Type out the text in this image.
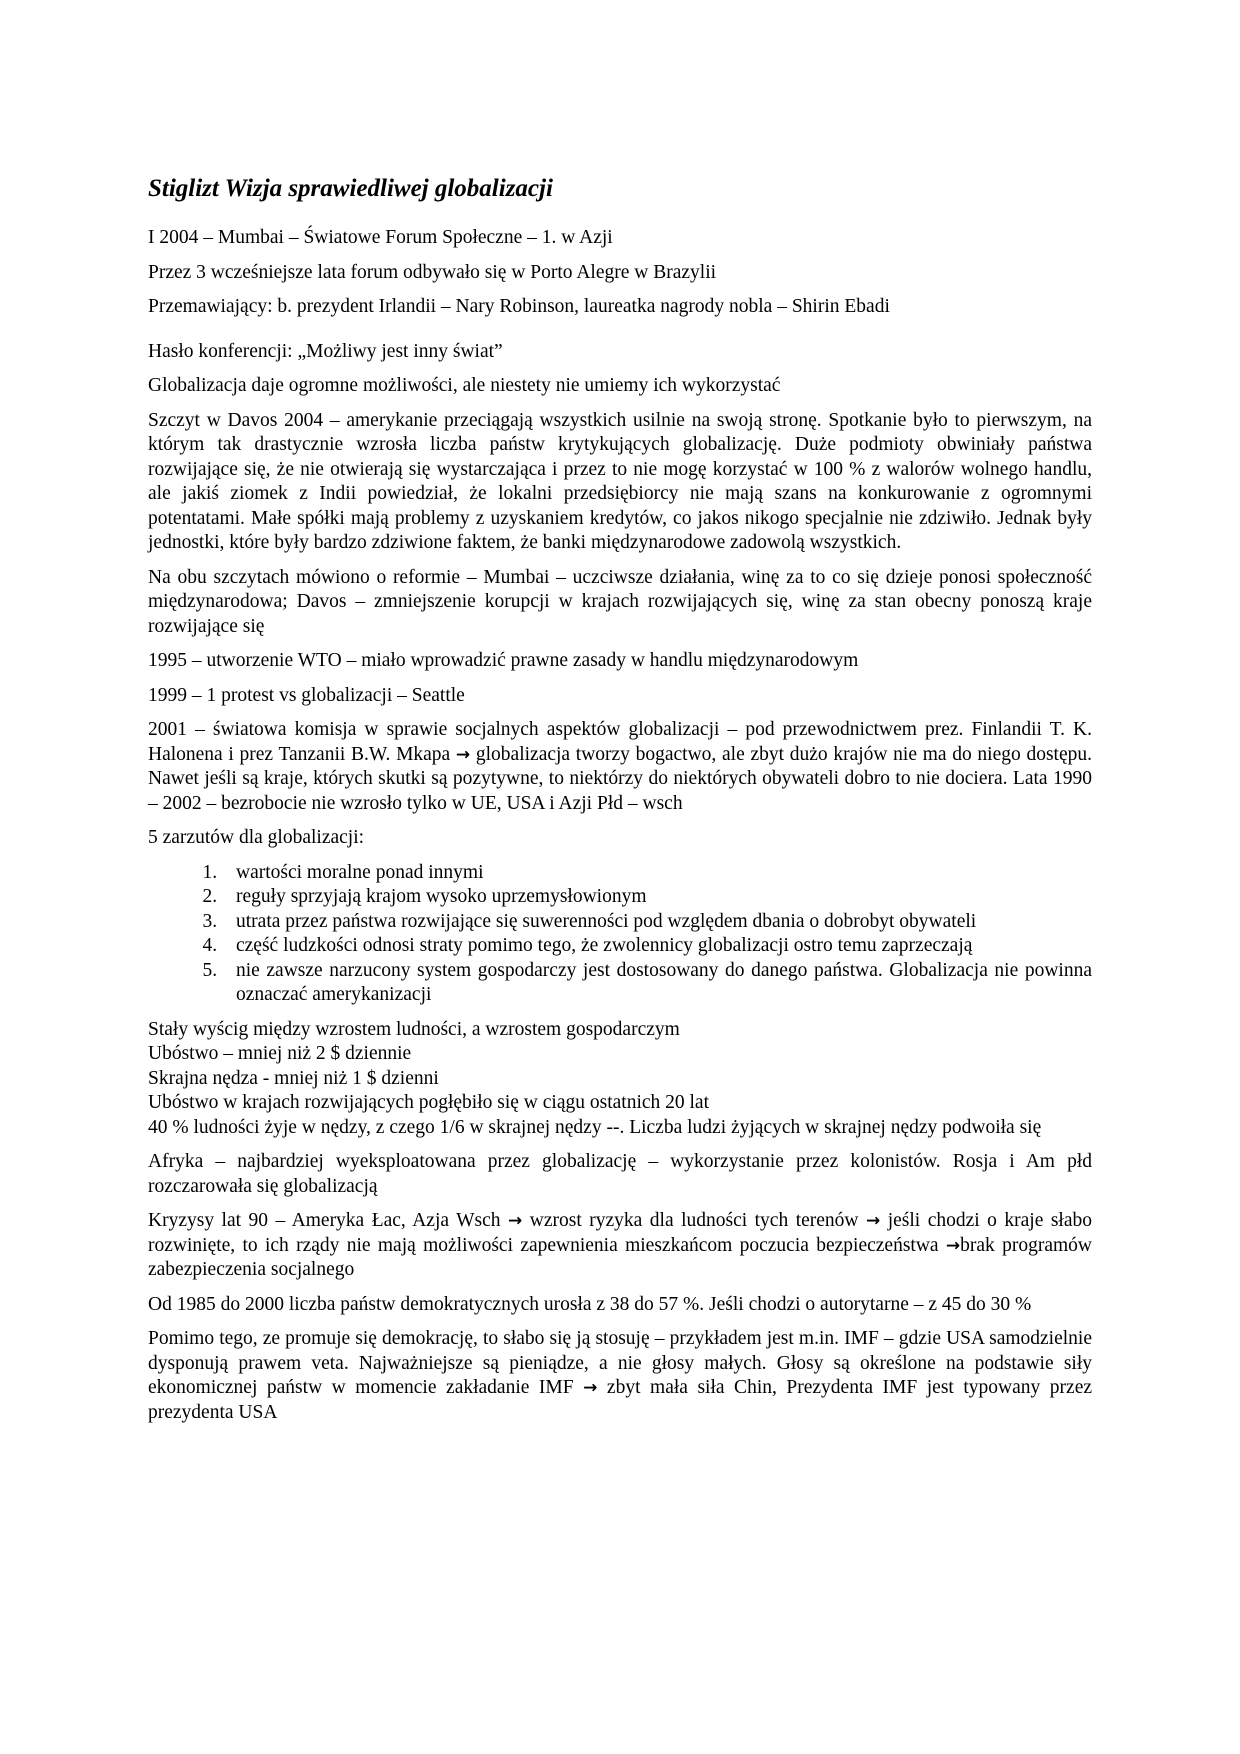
Stiglizt Wizja sprawiedliwej globalizacji

I 2004 – Mumbai – Światowe Forum Społeczne – 1. w Azji

Przez 3 wcześniejsze lata forum odbywało się w Porto Alegre w Brazylii

Przemawiający: b. prezydent Irlandii – Nary Robinson, laureatka nagrody nobla – Shirin Ebadi

Hasło konferencji: „Możliwy jest inny świat”

Globalizacja daje ogromne możliwości, ale niestety nie umiemy ich wykorzystać

Szczyt w Davos 2004 – amerykanie przeciągają wszystkich usilnie na swoją stronę. Spotkanie było to pierwszym, na którym tak drastycznie wzrosła liczba państw krytykujących globalizację. Duże podmioty obwiniały państwa rozwijające się, że nie otwierają się wystarczająca i przez to nie mogę korzystać w 100 % z walorów wolnego handlu, ale jakiś ziomek z Indii powiedział, że lokalni przedsiębiorcy nie mają szans na konkurowanie z ogromnymi potentatami. Małe spółki mają problemy z uzyskaniem kredytów, co jakos nikogo specjalnie nie zdziwiło. Jednak były jednostki, które były bardzo zdziwione faktem, że banki międzynarodowe zadowolą wszystkich.

Na obu szczytach mówiono o reformie – Mumbai – uczciwsze działania, winę za to co się dzieje ponosi społeczność międzynarodowa; Davos – zmniejszenie korupcji w krajach rozwijających się, winę za stan obecny ponoszą kraje rozwijające się

1995 – utworzenie WTO – miało wprowadzić prawne zasady w handlu międzynarodowym

1999 – 1 protest vs globalizacji – Seattle

2001 – światowa komisja w sprawie socjalnych aspektów globalizacji – pod przewodnictwem prez. Finlandii T. K. Halonena i prez Tanzanii B.W. Mkapa → globalizacja tworzy bogactwo, ale zbyt dużo krajów nie ma do niego dostępu. Nawet jeśli są kraje, których skutki są pozytywne, to niektórzy do niektórych obywateli dobro to nie dociera. Lata 1990 – 2002 – bezrobocie nie wzrosło tylko w UE, USA i Azji Płd – wsch

5 zarzutów dla globalizacji:

1. wartości moralne ponad innymi
2. reguły sprzyjają krajom wysoko uprzemysłowionym
3. utrata przez państwa rozwijające się suwerenności pod względem dbania o dobrobyt obywateli
4. część ludzkości odnosi straty pomimo tego, że zwolennicy globalizacji ostro temu zaprzeczają
5. nie zawsze narzucony system gospodarczy jest dostosowany do danego państwa. Globalizacja nie powinna oznaczać amerykanizacji
Stały wyścig między wzrostem ludności, a wzrostem gospodarczym
Ubóstwo – mniej niż 2 $ dziennie
Skrajna nędza - mniej niż 1 $ dzienni
Ubóstwo w krajach rozwijających pogłębiło się w ciągu ostatnich 20 lat
40 % ludności żyje w nędzy, z czego 1/6 w skrajnej nędzy --. Liczba ludzi żyjących w skrajnej nędzy podwoiła się

Afryka – najbardziej wyeksploatowana przez globalizację – wykorzystanie przez kolonistów. Rosja i Am płd rozczarowała się globalizacją

Kryzysy lat 90 – Ameryka Łac, Azja Wsch → wzrost ryzyka dla ludności tych terenów → jeśli chodzi o kraje słabo rozwinięte, to ich rządy nie mają możliwości zapewnienia mieszkańcom poczucia bezpieczeństwa →brak programów zabezpieczenia socjalnego

Od 1985 do 2000 liczba państw demokratycznych urosła z 38 do 57 %. Jeśli chodzi o autorytarne – z 45 do 30 %

Pomimo tego, ze promuje się demokrację, to słabo się ją stosuję – przykładem jest m.in. IMF – gdzie USA samodzielnie dysponują prawem veta. Najważniejsze są pieniądze, a nie głosy małych. Głosy są określone na podstawie siły ekonomicznej państw w momencie zakładanie IMF → zbyt mała siła Chin, Prezydenta IMF jest typowany przez prezydenta USA
